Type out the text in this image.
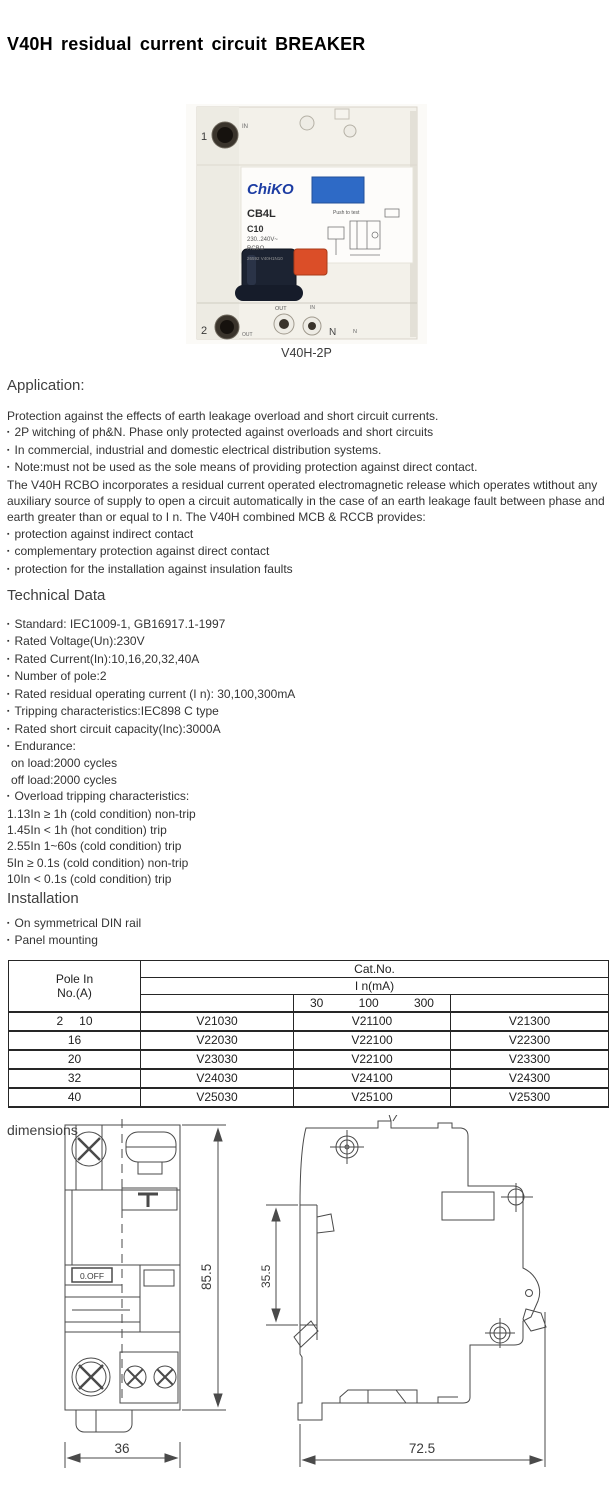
V40H residual current circuit BREAKER
1
IN
ChiKO
CB4L
C10
230..240V~
RCBO
26592 V40H1N10
Push to test
OUT	IN
2	OUT	N	N
V40H-2P
Application:

Protection against the effects of earth leakage overload and short circuit currents.

▪ 2P witching of ph&N. Phase only protected against overloads and short circuits
▪ In commercial, industrial and domestic electrical distribution systems.
▪ Note:must not be used as the sole means of providing protection against direct contact.

The V40H RCBO incorporates a residual current operated electromagnetic release which operates wtithout any auxiliary source of supply to open a circuit automatically in the case of an earth leakage fault between phase and earth greater than or equal to I n. The V40H combined MCB & RCCB provides:

▪ protection against indirect contact
▪ complementary protection against direct contact
▪ protection for the installation against insulation faults
Technical Data
▪ Standard: IEC1009-1, GB16917.1-1997
▪ Rated Voltage(Un):230V
▪ Rated Current(In):10,16,20,32,40A
▪ Number of pole:2
▪ Rated residual operating current (I n): 30,100,300mA
▪ Tripping characteristics:IEC898 C type
▪ Rated short circuit capacity(Inc):3000A
▪ Endurance:
on load:2000 cycles
off load:2000 cycles
▪ Overload tripping characteristics:
1.13In ≥ 1h (cold condition) non-trip
1.45In < 1h (hot condition) trip
2.55In 1~60s (cold condition) trip
5In ≥ 0.1s (cold condition) non-trip
10In < 0.1s (cold condition) trip
Installation
▪ On symmetrical DIN rail
▪ Panel mounting
Pole In
No.(A)	Cat.No.		
	I n(mA)		

		30 100 300	

2 10	V21030	V21100	V21300
16	V22030	V22100	V22300
20	V23030	V22100	V23300
32	V24030	V24100	V24300
40	V25030	V25100	V25300
dimensions
0.OFF	85.5
36
35.5
72.5
